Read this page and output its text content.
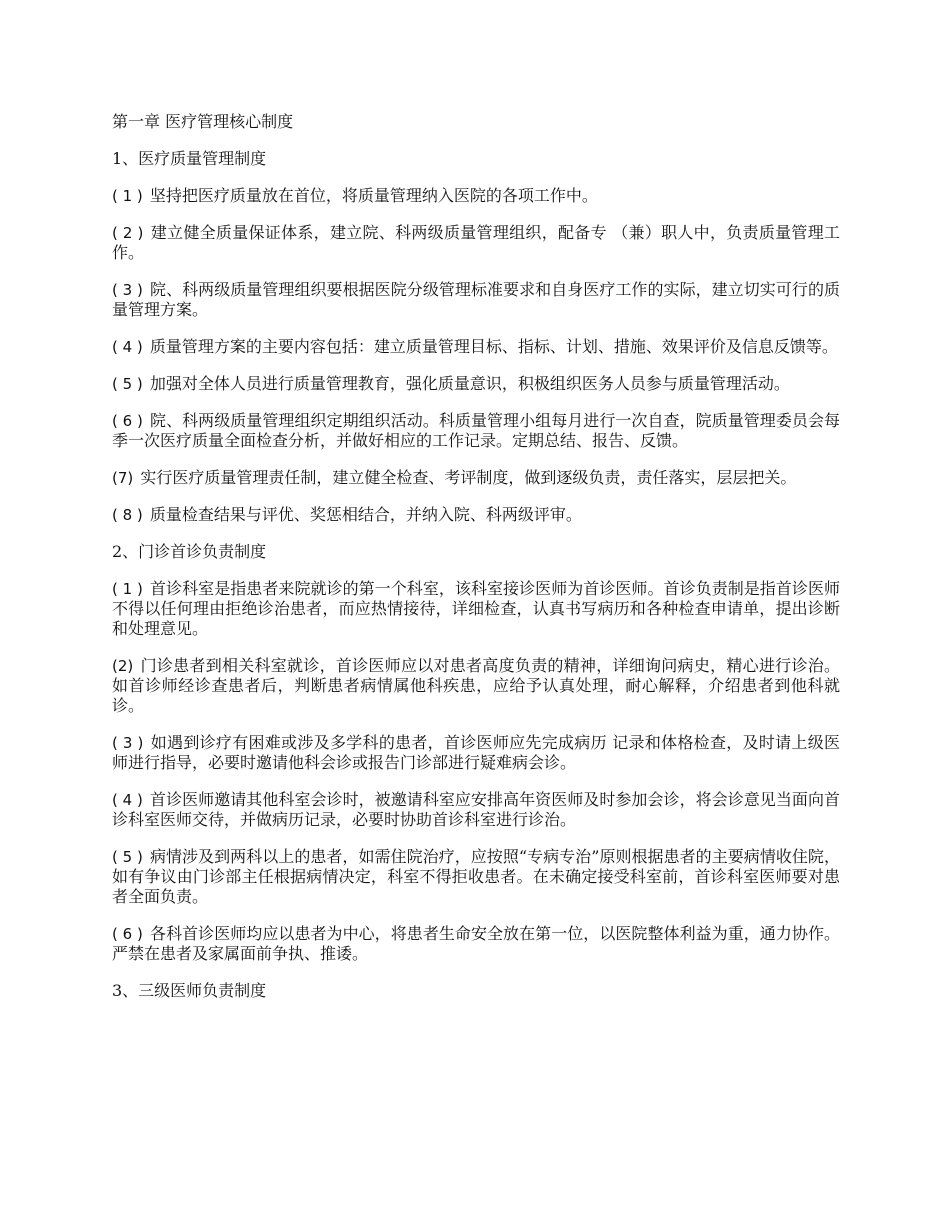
第一章 医疗管理核心制度
1、医疗质量管理制度

( 1 ) 坚持把医疗质量放在首位，将质量管理纳入医院的各项工作中。

( 2 ) 建立健全质量保证体系，建立院、科两级质量管理组织，配备专 （兼）职人中，负责质量管理工作。

( 3 ) 院、科两级质量管理组织要根据医院分级管理标准要求和自身医疗工作的实际，建立切实可行的质量管理方案。

( 4 ) 质量管理方案的主要内容包括：建立质量管理目标、指标、计划、措施、效果评价及信息反馈等。

( 5 ) 加强对全体人员进行质量管理教育，强化质量意识，积极组织医务人员参与质量管理活动。

( 6 ) 院、科两级质量管理组织定期组织活动。科质量管理小组每月进行一次自查，院质量管理委员会每季一次医疗质量全面检查分析，并做好相应的工作记录。定期总结、报告、反馈。

(7) 实行医疗质量管理责任制，建立健全检查、考评制度，做到逐级负责，责任落实，层层把关。

( 8 ) 质量检查结果与评优、奖惩相结合，并纳入院、科两级评审。

2、门诊首诊负责制度

( 1 ) 首诊科室是指患者来院就诊的第一个科室，该科室接诊医师为首诊医师。首诊负责制是指首诊医师不得以任何理由拒绝诊治患者，而应热情接待，详细检查，认真书写病历和各种检查申请单，提出诊断和处理意见。

(2) 门诊患者到相关科室就诊，首诊医师应以对患者高度负责的精神，详细询问病史，精心进行诊治。如首诊师经诊查患者后，判断患者病情属他科疾患，应给予认真处理，耐心解释，介绍患者到他科就诊。

( 3 ) 如遇到诊疗有困难或涉及多学科的患者，首诊医师应先完成病历 记录和体格检查，及时请上级医师进行指导，必要时邀请他科会诊或报告门诊部进行疑难病会诊。

( 4 ) 首诊医师邀请其他科室会诊时，被邀请科室应安排高年资医师及时参加会诊，将会诊意见当面向首诊科室医师交待，并做病历记录，必要时协助首诊科室进行诊治。

( 5 ) 病情涉及到两科以上的患者，如需住院治疗，应按照“专病专治”原则根据患者的主要病情收住院，如有争议由门诊部主任根据病情决定，科室不得拒收患者。在未确定接受科室前，首诊科室医师要对患者全面负责。

( 6 ) 各科首诊医师均应以患者为中心，将患者生命安全放在第一位，以医院整体利益为重，通力协作。严禁在患者及家属面前争执、推诿。

3、三级医师负责制度
